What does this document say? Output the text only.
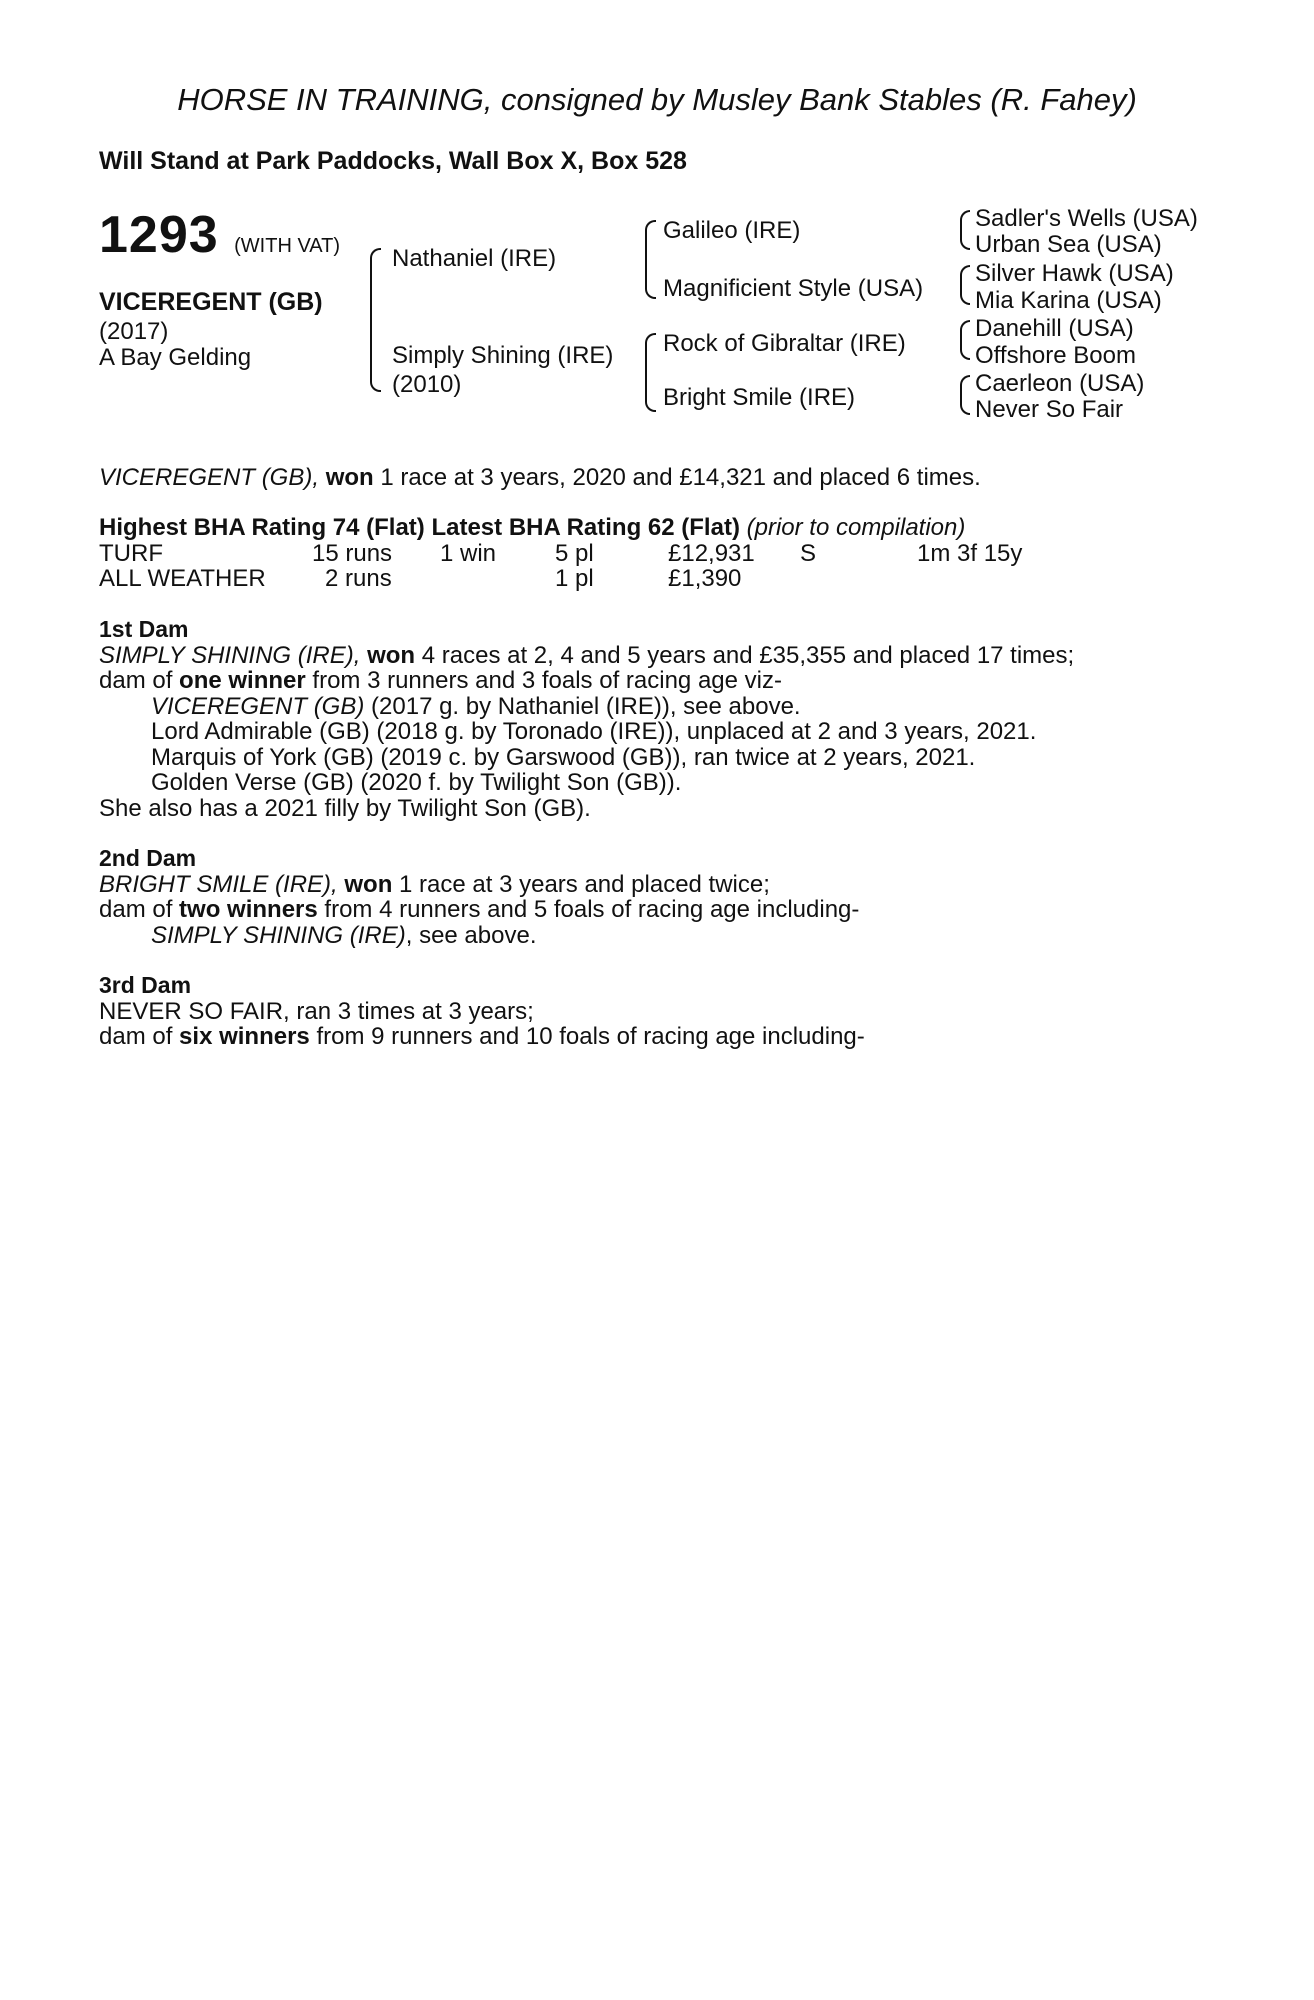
HORSE IN TRAINING, consigned by Musley Bank Stables (R. Fahey)
Will Stand at Park Paddocks, Wall Box X, Box 528
1293 (WITH VAT)
VICEREGENT (GB)
(2017)
A Bay Gelding
Nathaniel (IRE)
Simply Shining (IRE)
(2010)
Galileo (IRE)
Magnificient Style (USA)
Rock of Gibraltar (IRE)
Bright Smile (IRE)
Sadler's Wells (USA)
Urban Sea (USA)
Silver Hawk (USA)
Mia Karina (USA)
Danehill (USA)
Offshore Boom
Caerleon (USA)
Never So Fair
VICEREGENT (GB), won 1 race at 3 years, 2020 and £14,321 and placed 6 times.
Highest BHA Rating 74 (Flat) Latest BHA Rating 62 (Flat) (prior to compilation)
TURF	15 runs 1 win 5 pl	£12,931 S	1m 3f 15y
ALL WEATHER 2 runs	1 pl	£1,390

1st Dam

SIMPLY SHINING (IRE), won 4 races at 2, 4 and 5 years and £35,355 and placed 17 times;

dam of one winner from 3 runners and 3 foals of racing age viz-

VICEREGENT (GB) (2017 g. by Nathaniel (IRE)), see above.

Lord Admirable (GB) (2018 g. by Toronado (IRE)), unplaced at 2 and 3 years, 2021.

Marquis of York (GB) (2019 c. by Garswood (GB)), ran twice at 2 years, 2021.

Golden Verse (GB) (2020 f. by Twilight Son (GB)).

She also has a 2021 filly by Twilight Son (GB).

2nd Dam

BRIGHT SMILE (IRE), won 1 race at 3 years and placed twice;

dam of two winners from 4 runners and 5 foals of racing age including-

SIMPLY SHINING (IRE), see above.

3rd Dam

NEVER SO FAIR, ran 3 times at 3 years;

dam of six winners from 9 runners and 10 foals of racing age including-
